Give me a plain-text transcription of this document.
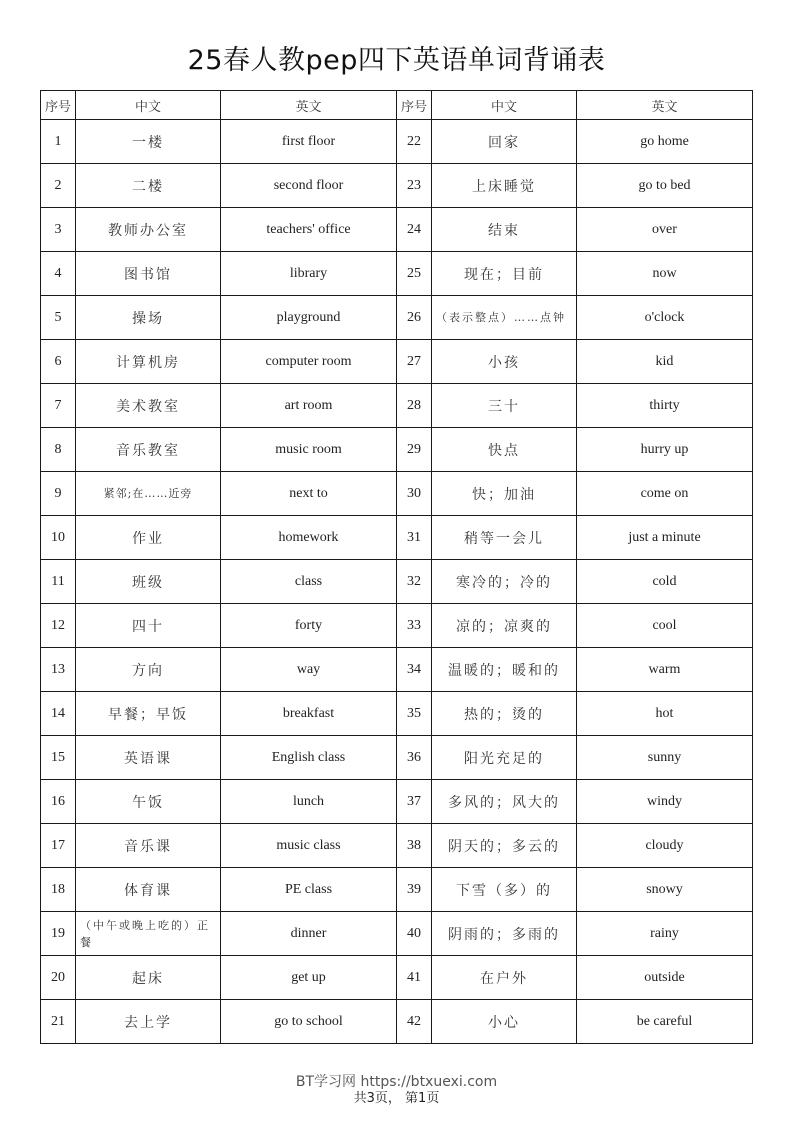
25春人教pep四下英语单词背诵表
序号	中文	英文	序号	中文	英文
1	一楼	first floor	22	回家	go home
2	二楼	second floor	23	上床睡觉	go to bed
3	教师办公室	teachers' office	24	结束	over
4	图书馆	library	25	现在；目前	now
5	操场	playground	26	（表示整点）……点钟	o'clock
6	计算机房	computer room	27	小孩	kid
7	美术教室	art room	28	三十	thirty
8	音乐教室	music room	29	快点	hurry up
9	紧邻;在……近旁	next to	30	快；加油	come on
10	作业	homework	31	稍等一会儿	just a minute
11	班级	class	32	寒冷的；冷的	cold
12	四十	forty	33	凉的；凉爽的	cool
13	方向	way	34	温暖的；暖和的	warm
14	早餐；早饭	breakfast	35	热的；烫的	hot
15	英语课	English class	36	阳光充足的	sunny
16	午饭	lunch	37	多风的；风大的	windy
17	音乐课	music class	38	阴天的；多云的	cloudy
18	体育课	PE class	39	下雪（多）的	snowy
19	（中午或晚上吃的）正餐	dinner	40	阴雨的；多雨的	rainy
20	起床	get up	41	在户外	outside
21	去上学	go to school	42	小心	be careful
BT学习网 https://btxuexi.com
共3页， 第1页
